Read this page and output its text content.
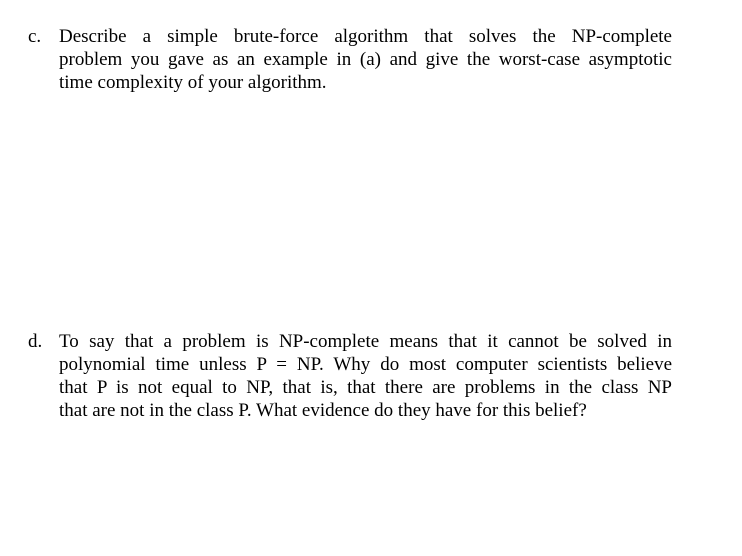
c. Describe a simple brute-force algorithm that solves the NP-complete
problem you gave as an example in (a) and give the worst-case asymptotic
time complexity of your algorithm.
d. To say that a problem is NP-complete means that it cannot be solved in
polynomial time unless P = NP. Why do most computer scientists believe
that P is not equal to NP, that is, that there are problems in the class NP
that are not in the class P. What evidence do they have for this belief?
